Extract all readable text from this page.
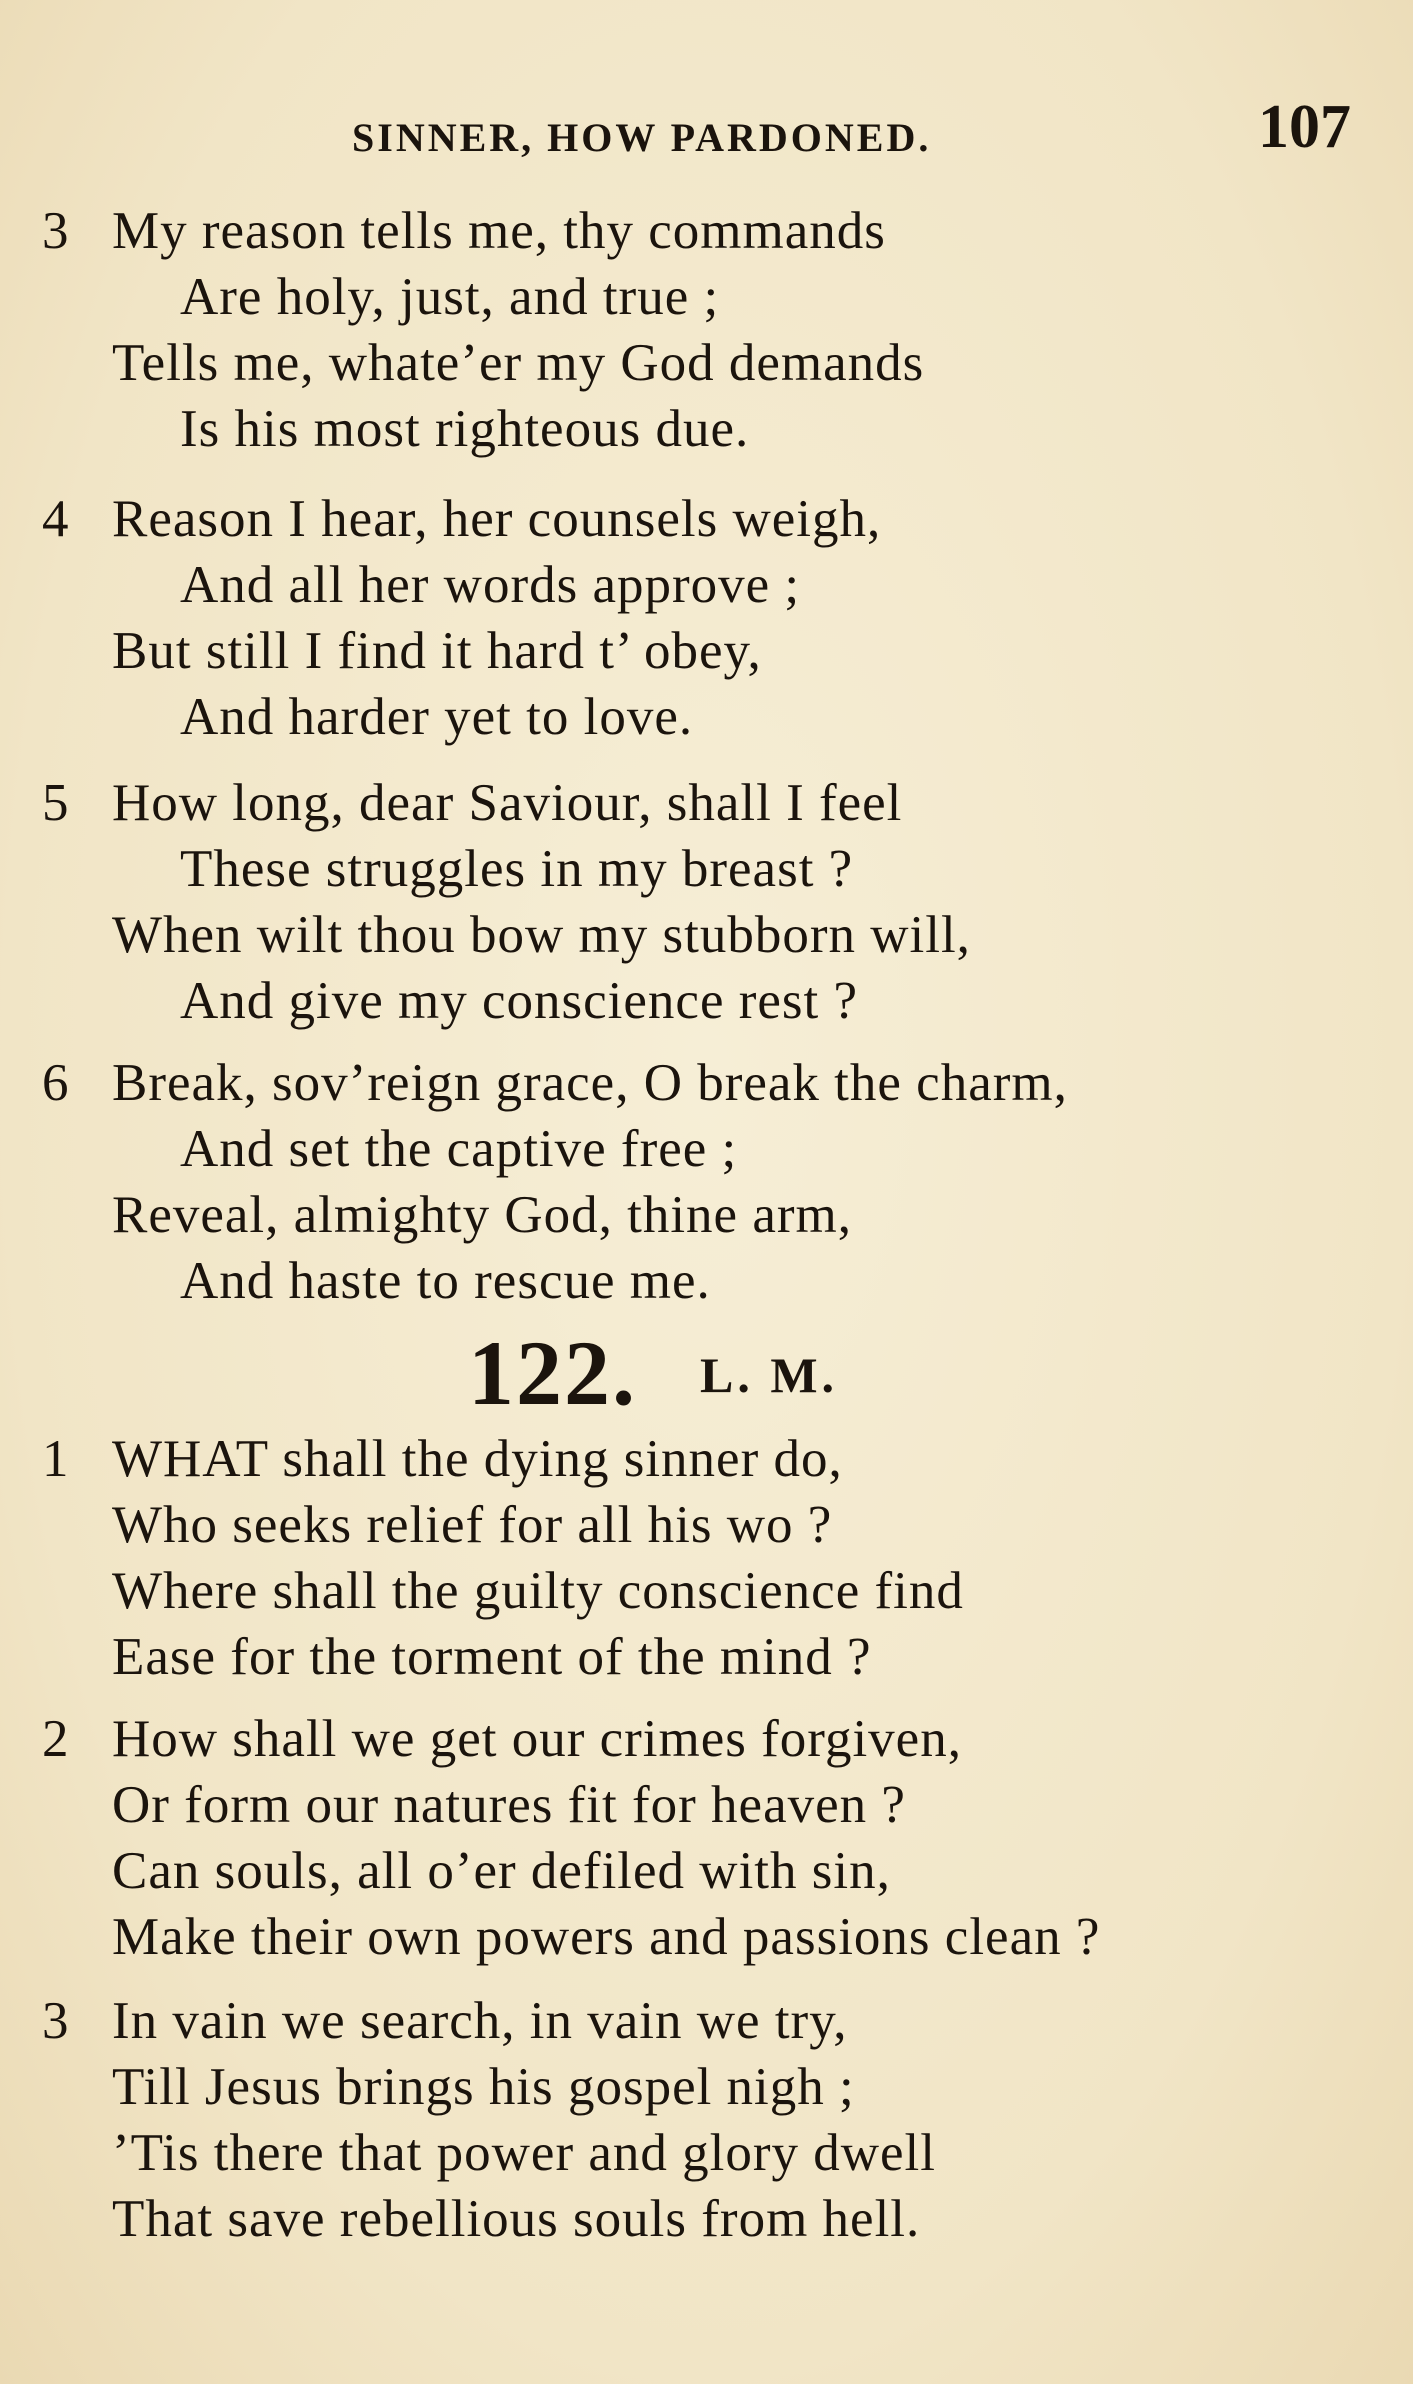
SINNER, HOW PARDONED.	107
3 My reason tells me, thy commands
Are holy, just, and true ;
Tells me, whate’er my God demands
Is his most righteous due.
4 Reason I hear, her counsels weigh,
And all her words approve ;
But still I find it hard t’ obey,
And harder yet to love.
5 How long, dear Saviour, shall I feel
These struggles in my breast ?
When wilt thou bow my stubborn will,
And give my conscience rest ?
6 Break, sov’reign grace, O break the charm,
And set the captive free ;
Reveal, almighty God, thine arm,
And haste to rescue me.
122. L. M.
1 WHAT shall the dying sinner do,
Who seeks relief for all his wo ?
Where shall the guilty conscience find
Ease for the torment of the mind ?
2 How shall we get our crimes forgiven,
Or form our natures fit for heaven ?
Can souls, all o’er defiled with sin,
Make their own powers and passions clean ?
3 In vain we search, in vain we try,
Till Jesus brings his gospel nigh ;
’Tis there that power and glory dwell
That save rebellious souls from hell.
